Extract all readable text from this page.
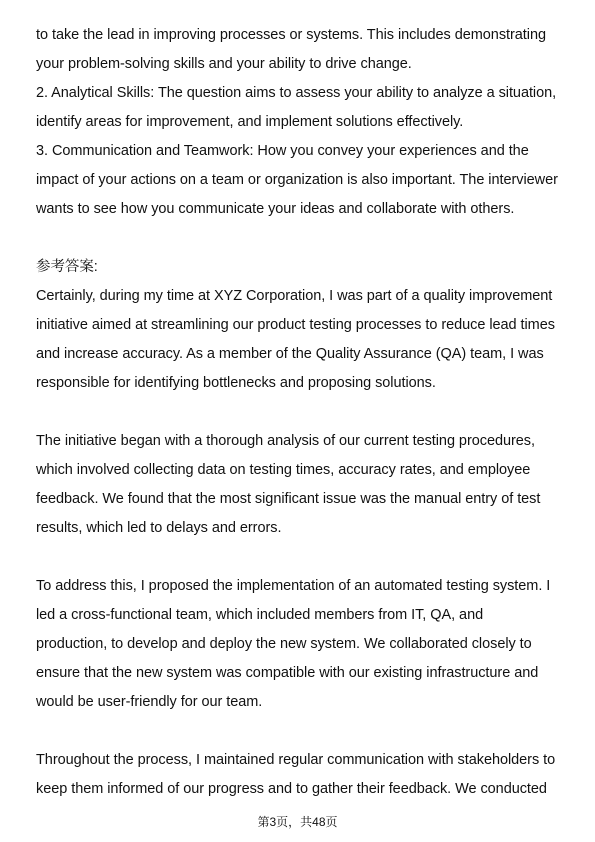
to take the lead in improving processes or systems. This includes demonstrating
your problem-solving skills and your ability to drive change.
2. Analytical Skills: The question aims to assess your ability to analyze a situation,
identify areas for improvement, and implement solutions effectively.
3. Communication and Teamwork: How you convey your experiences and the
impact of your actions on a team or organization is also important. The interviewer
wants to see how you communicate your ideas and collaborate with others.
参考答案:
Certainly, during my time at XYZ Corporation, I was part of a quality improvement
initiative aimed at streamlining our product testing processes to reduce lead times
and increase accuracy. As a member of the Quality Assurance (QA) team, I was
responsible for identifying bottlenecks and proposing solutions.
The initiative began with a thorough analysis of our current testing procedures,
which involved collecting data on testing times, accuracy rates, and employee
feedback. We found that the most significant issue was the manual entry of test
results, which led to delays and errors.
To address this, I proposed the implementation of an automated testing system. I
led a cross-functional team, which included members from IT, QA, and
production, to develop and deploy the new system. We collaborated closely to
ensure that the new system was compatible with our existing infrastructure and
would be user-friendly for our team.
Throughout the process, I maintained regular communication with stakeholders to
keep them informed of our progress and to gather their feedback. We conducted
第3页，共48页
